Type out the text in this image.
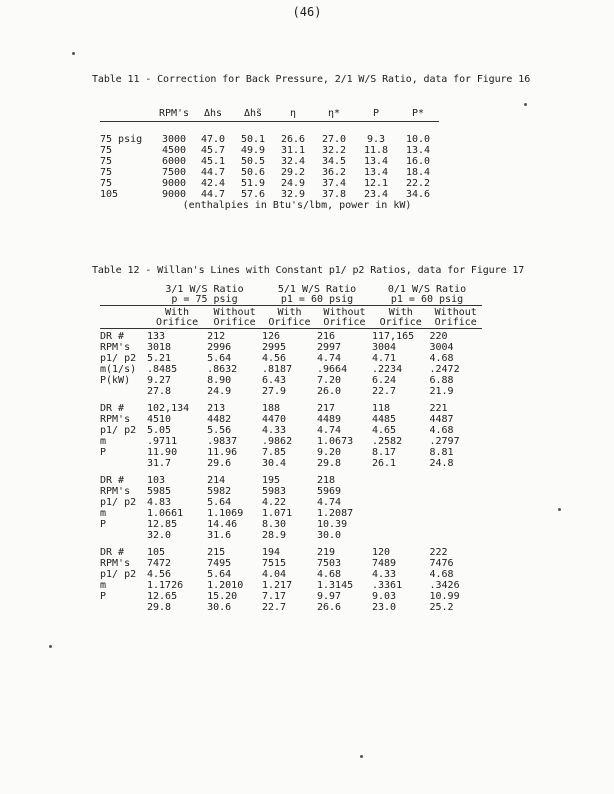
(46)
Table 11 - Correction for Back Pressure, 2/1 W/S Ratio, data for Figure 16
	RPM's	Δhs	Δhs̃	η	η*	P	P*

75 psig	3000	47.0	50.1	26.6	27.0	9.3	10.0
75	4500	45.7	49.9	31.1	32.2	11.8	13.4
75	6000	45.1	50.5	32.4	34.5	13.4	16.0
75	7500	44.7	50.6	29.2	36.2	13.4	18.4
75	9000	42.4	51.9	24.9	37.4	12.1	22.2
105	9000	44.7	57.6	32.9	37.8	23.4	34.6
	(enthalpies in Btu's/lbm, power in kW)						
Table 12 - Willan's Lines with Constant p1/ p2 Ratios, data for Figure 17
	3/1 W/S Ratio		5/1 W/S Ratio		0/1 W/S Ratio	
	p = 75 psig		p1 = 60 psig		p1 = 60 psig	

	With	Without	With	Without	With	Without
	Orifice	Orifice	Orifice	Orifice	Orifice	Orifice

DR #	133	212	126	216	117,165	220
RPM's	3018	2996	2995	2997	3004	3004
p1/ p2	5.21	5.64	4.56	4.74	4.71	4.68
m(1/s)	.8485	.8632	.8187	.9664	.2234	.2472
P(kW)	9.27	8.90	6.43	7.20	6.24	6.88
	27.8	24.9	27.9	26.0	22.7	21.9

DR #	102,134	213	188	217	118	221
RPM's	4510	4482	4470	4489	4485	4487
p1/ p2	5.05	5.56	4.33	4.74	4.65	4.68
m	.9711	.9837	.9862	1.0673	.2582	.2797
P	11.90	11.96	7.85	9.20	8.17	8.81
	31.7	29.6	30.4	29.8	26.1	24.8

DR #	103	214	195	218		
RPM's	5985	5982	5983	5969		
p1/ p2	4.83	5.64	4.22	4.74		
m	1.0661	1.1069	1.071	1.2087		
P	12.85	14.46	8.30	10.39		
	32.0	31.6	28.9	30.0		

DR #	105	215	194	219	120	222
RPM's	7472	7495	7515	7503	7489	7476
p1/ p2	4.56	5.64	4.04	4.68	4.33	4.68
m	1.1726	1.2010	1.217	1.3145	.3361	.3426
P	12.65	15.20	7.17	9.97	9.03	10.99
	29.8	30.6	22.7	26.6	23.0	25.2
